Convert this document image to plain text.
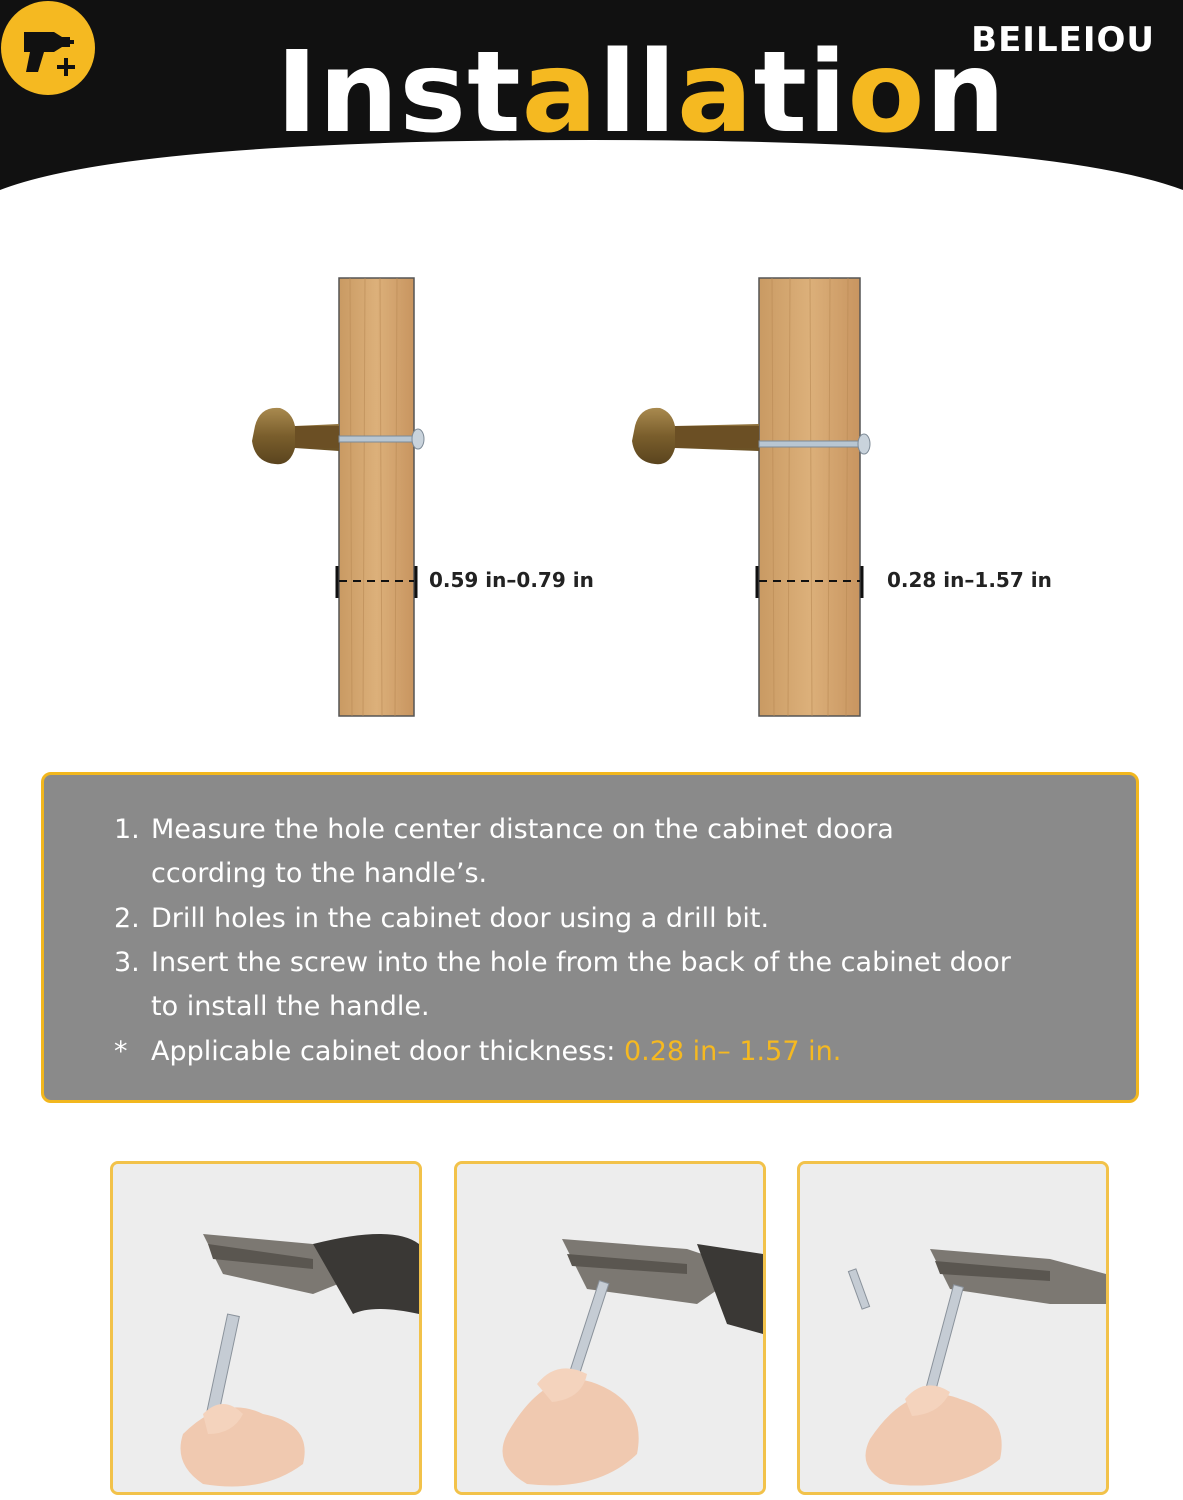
Installation
BEILEIOU
0.59 in–0.79 in	0.28 in–1.57 in
1. Measure the hole center distance on the cabinet doora
ccording to the handle’s.
2. Drill holes in the cabinet door using a drill bit.
3. Insert the screw into the hole from the back of the cabinet door
to install the handle.
* Applicable cabinet door thickness: 0.28 in– 1.57 in.
